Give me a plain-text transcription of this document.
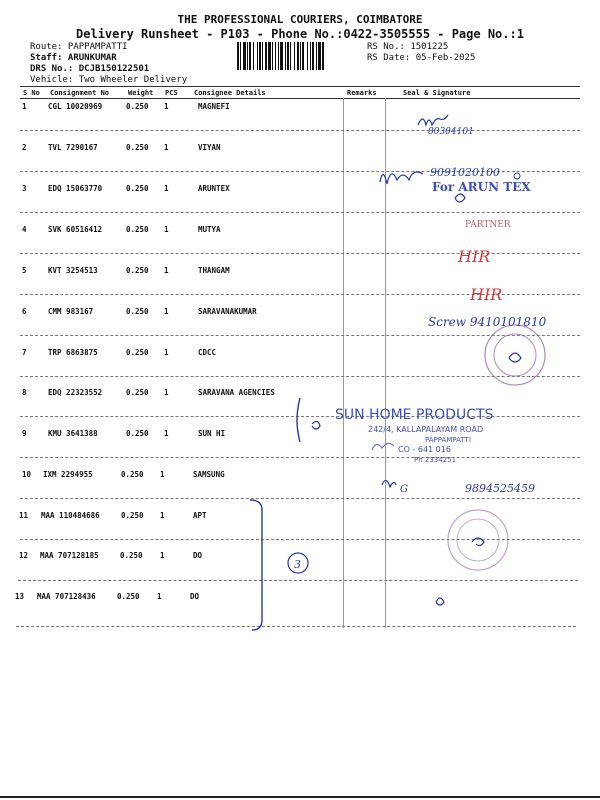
THE PROFESSIONAL COURIERS, COIMBATORE
Delivery Runsheet - P103 - Phone No.:0422-3505555 - Page No.:1
Route: PAPPAMPATTI
Staff: ARUNKUMAR
DRS No.: DCJB150122501
Vehicle: Two Wheeler Delivery
RS No.: 1501225
RS Date: 05-Feb-2025
S No Consignment No	Weight PCS Consignee Details	Remarks	Seal & Signature
1	CGL 10020969	0.250 1	MAGNEFI
2	TVL 7290167	0.250 1	VIYAN
3	EDQ 15063770	0.250 1	ARUNTEX
4	SVK 60516412	0.250 1	MUTYA
5	KVT 3254513	0.250 1	THANGAM
6	CMM 983167	0.250 1	SARAVANAKUMAR
7	TRP 6863875	0.250 1	CDCC
8	EDQ 22323552	0.250 1	SARAVANA AGENCIES
9	KMU 3641388	0.250 1	SUN HI
10 IXM 2294955	0.250 1	SAMSUNG
11 MAA 110484686	0.250 1	APT
12 MAA 707128185	0.250 1	DO
13 MAA 707128436	0.250 1	DO
80304101
9091020100
For ARUN TEX
PARTNER
HIR
HIR
Screw 9410101810
SUN HOME PRODUCTS
242/4, KALLAPALAYAM ROAD
PAPPAMPATTI
CO - 641 016
Ph 2334251
G	9894525459
3
